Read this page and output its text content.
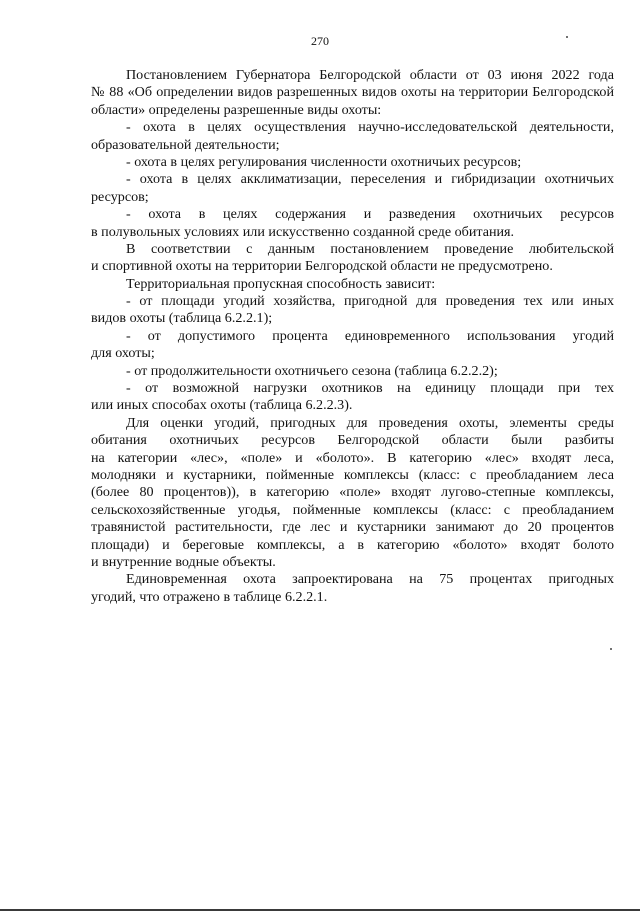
270
Постановлением Губернатора Белгородской области от 03 июня 2022 года
№ 88 «Об определении видов разрешенных видов охоты на территории Белгородской
области» определены разрешенные виды охоты:
- охота в целях осуществления научно-исследовательской деятельности,
образовательной деятельности;
- охота в целях регулирования численности охотничьих ресурсов;
- охота в целях акклиматизации, переселения и гибридизации охотничьих
ресурсов;
- охота в целях содержания и разведения охотничьих ресурсов
в полувольных условиях или искусственно созданной среде обитания.
В соответствии с данным постановлением проведение любительской
и спортивной охоты на территории Белгородской области не предусмотрено.
Территориальная пропускная способность зависит:
- от площади угодий хозяйства, пригодной для проведения тех или иных
видов охоты (таблица 6.2.2.1);
- от допустимого процента единовременного использования угодий
для охоты;
- от продолжительности охотничьего сезона (таблица 6.2.2.2);
- от возможной нагрузки охотников на единицу площади при тех
или иных способах охоты (таблица 6.2.2.3).
Для оценки угодий, пригодных для проведения охоты, элементы среды
обитания охотничьих ресурсов Белгородской области были разбиты
на категории «лес», «поле» и «болото». В категорию «лес» входят леса,
молодняки и кустарники, пойменные комплексы (класс: с преобладанием леса
(более 80 процентов)), в категорию «поле» входят лугово-степные комплексы,
сельскохозяйственные угодья, пойменные комплексы (класс: с преобладанием
травянистой растительности, где лес и кустарники занимают до 20 процентов
площади) и береговые комплексы, а в категорию «болото» входят болото
и внутренние водные объекты.
Единовременная охота запроектирована на 75 процентах пригодных
угодий, что отражено в таблице 6.2.2.1.
